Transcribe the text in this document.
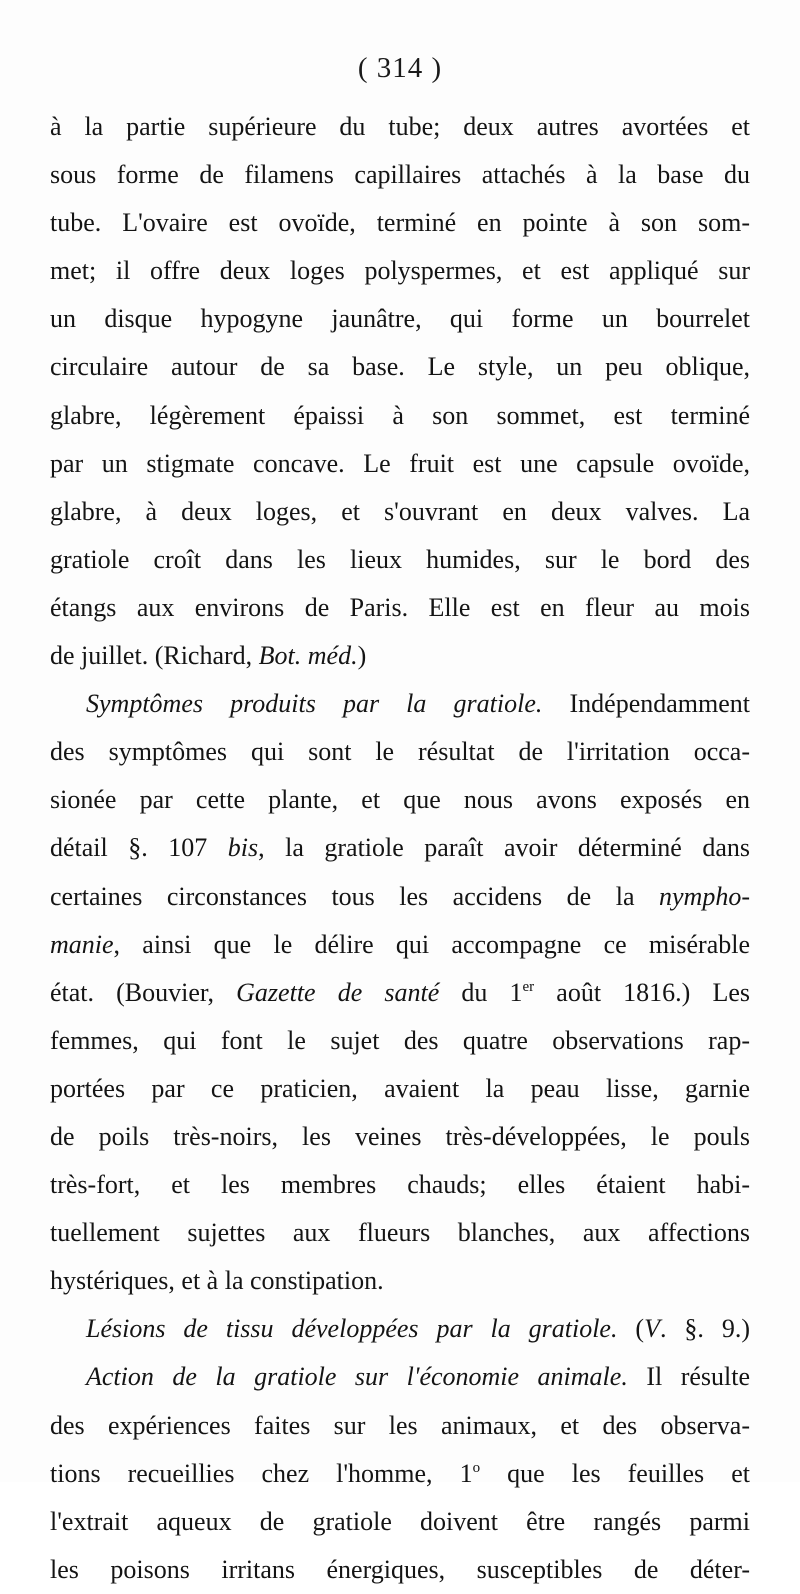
( 314 )
à la partie supérieure du tube; deux autres avortées et
sous forme de filamens capillaires attachés à la base du
tube. L'ovaire est ovoïde, terminé en pointe à son som-
met; il offre deux loges polyspermes, et est appliqué sur
un disque hypogyne jaunâtre, qui forme un bourrelet
circulaire autour de sa base. Le style, un peu oblique,
glabre, légèrement épaissi à son sommet, est terminé
par un stigmate concave. Le fruit est une capsule ovoïde,
glabre, à deux loges, et s'ouvrant en deux valves. La
gratiole croît dans les lieux humides, sur le bord des
étangs aux environs de Paris. Elle est en fleur au mois
de juillet. (Richard, Bot. méd.)
Symptômes produits par la gratiole. Indépendamment
des symptômes qui sont le résultat de l'irritation occa-
sionée par cette plante, et que nous avons exposés en
détail §. 107 bis, la gratiole paraît avoir déterminé dans
certaines circonstances tous les accidens de la nympho-
manie, ainsi que le délire qui accompagne ce misérable
état. (Bouvier, Gazette de santé du 1er août 1816.) Les
femmes, qui font le sujet des quatre observations rap-
portées par ce praticien, avaient la peau lisse, garnie
de poils très-noirs, les veines très-développées, le pouls
très-fort, et les membres chauds; elles étaient habi-
tuellement sujettes aux flueurs blanches, aux affections
hystériques, et à la constipation.
Lésions de tissu développées par la gratiole. (V. §. 9.)
Action de la gratiole sur l'économie animale. Il résulte
des expériences faites sur les animaux, et des observa-
tions recueillies chez l'homme, 1$^o$ que les feuilles et
l'extrait aqueux de gratiole doivent être rangés parmi
les poisons irritans énergiques, susceptibles de déter-
